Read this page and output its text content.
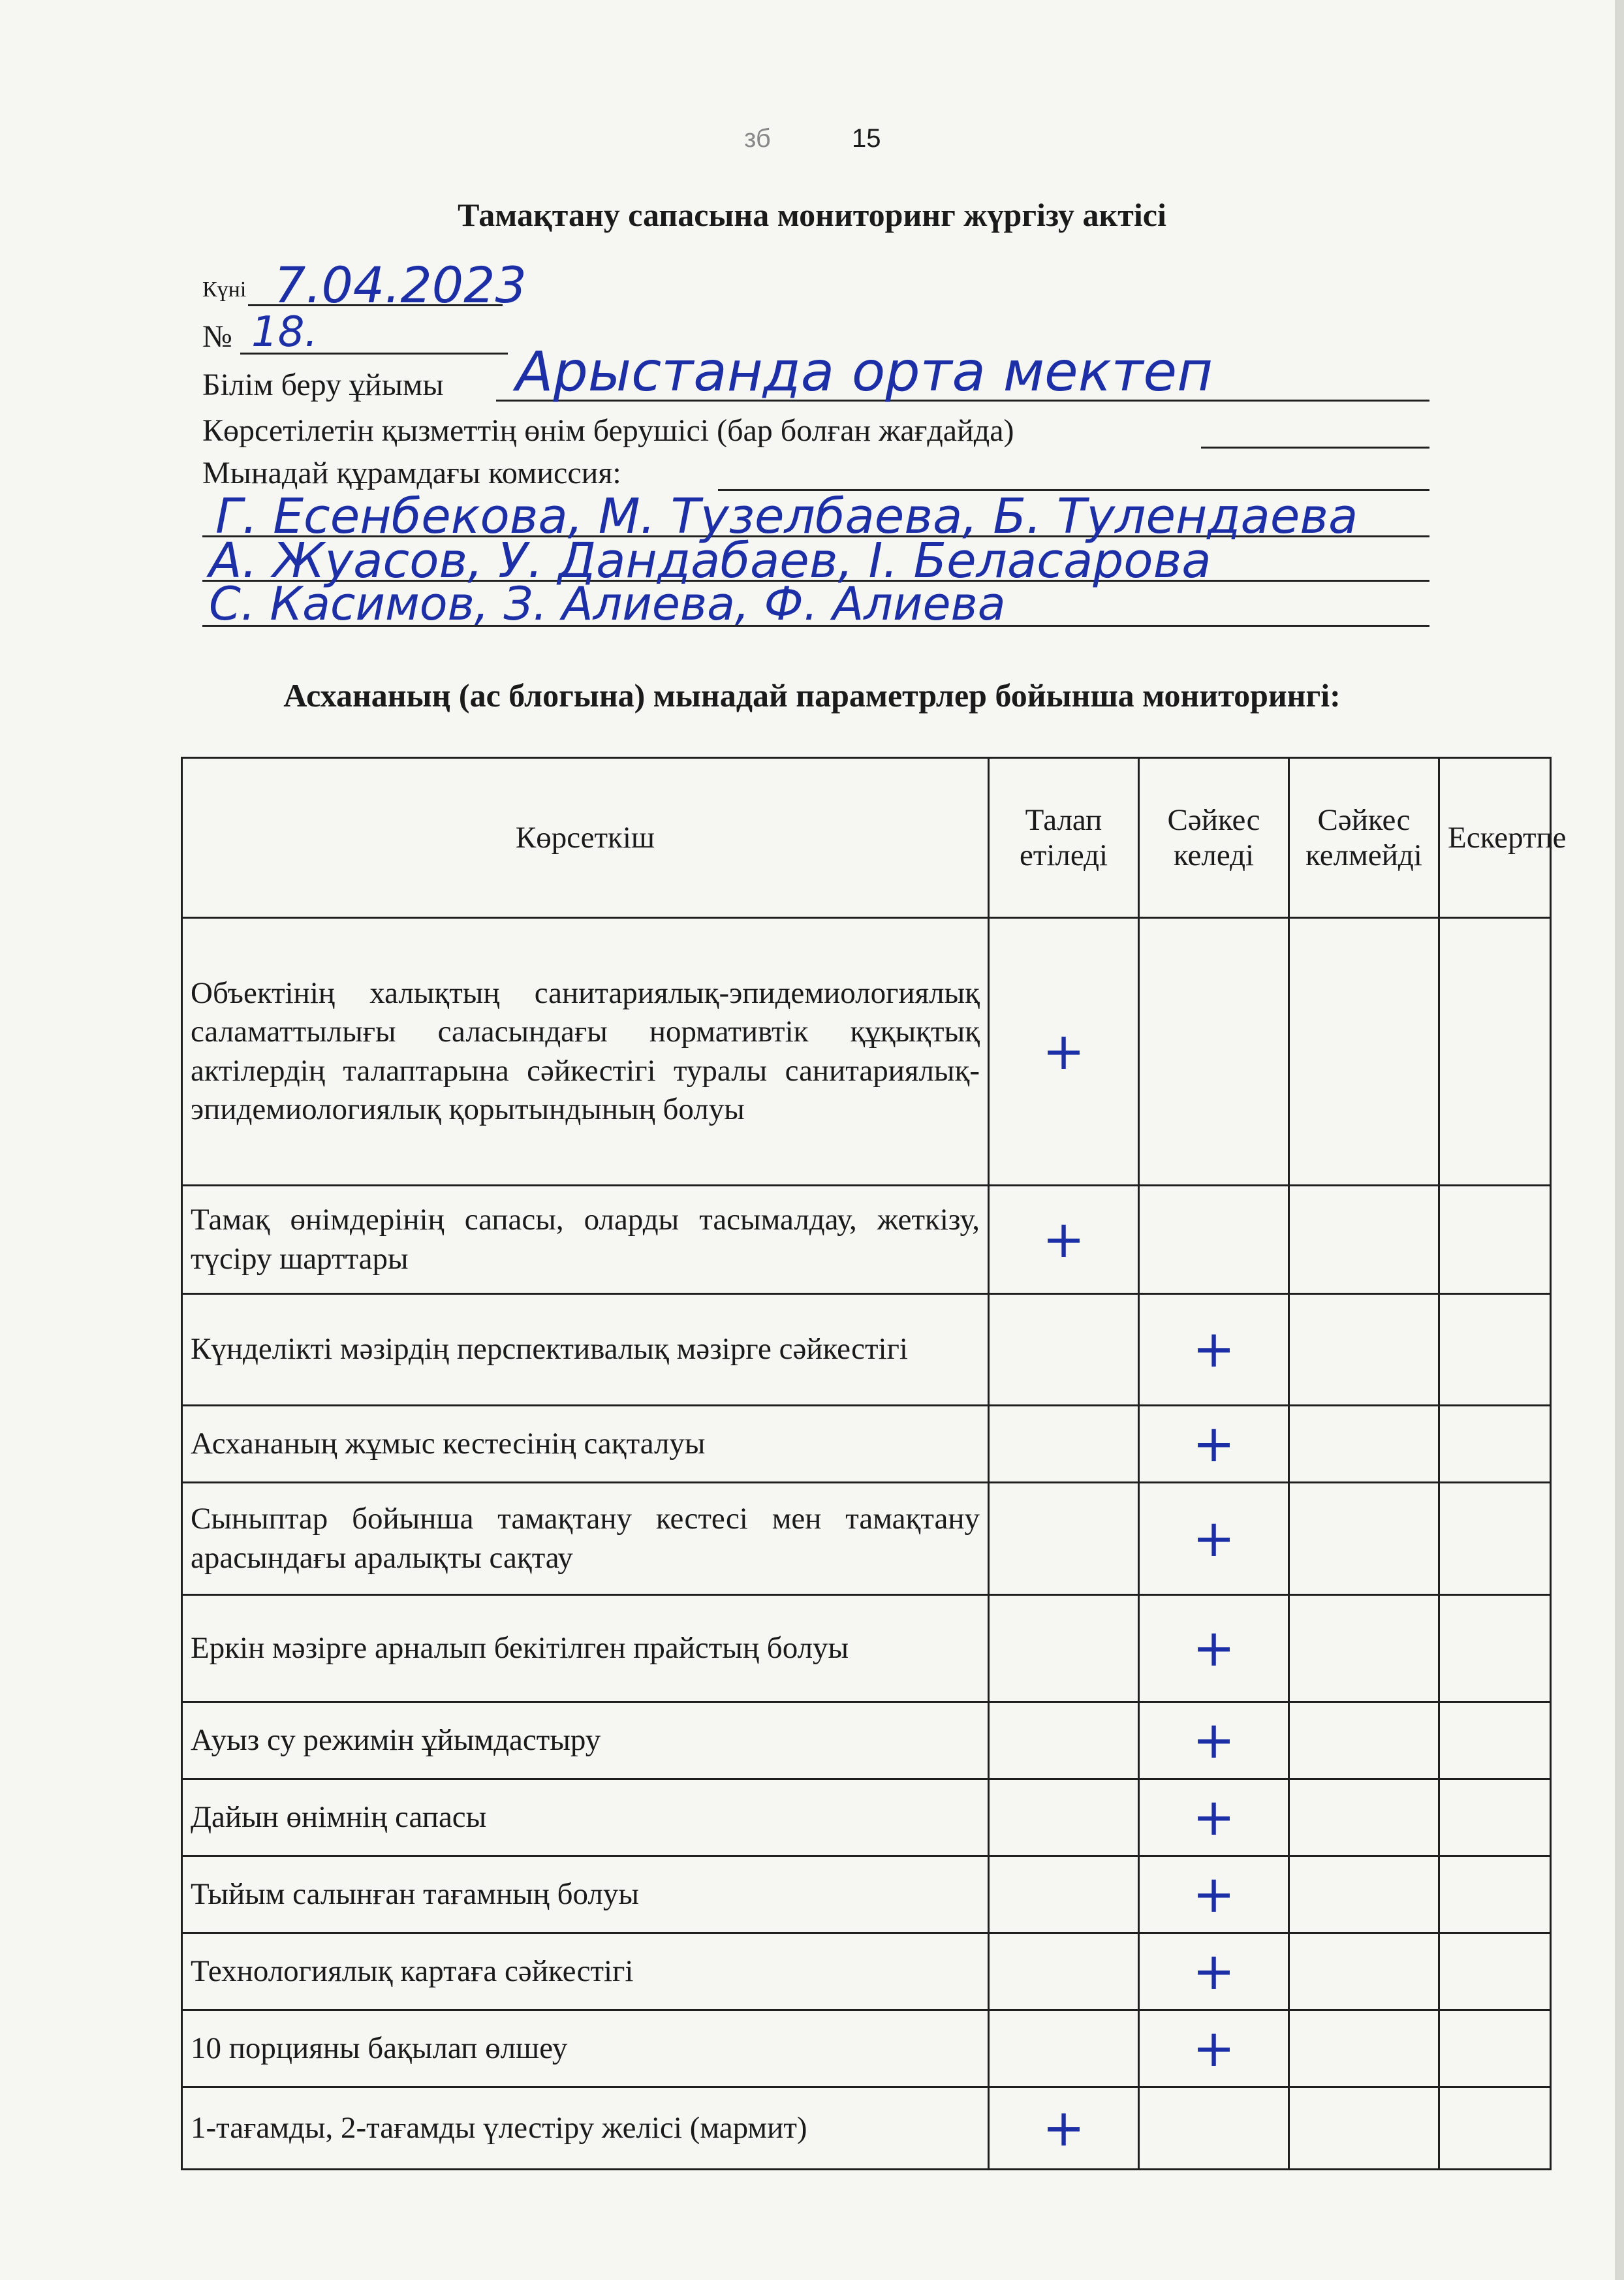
зб	15
Тамақтану сапасына мониторинг жүргізу актісі
Күні 7.04.2023
№ 18.
Білім беру ұйымы Арыстанда орта мектеп
Көрсетілетін қызметтің өнім берушісі (бар болған жағдайда)
Мынадай құрамдағы комиссия:
Г. Есенбекова, М. Тузелбаева, Б. Тулендаева
А. Жуасов, У. Дандабаев, І. Беласарова
С. Касимов, З. Алиева, Ф. Алиева
Асхананың (ас блогына) мынадай параметрлер бойынша мониторингі:
Көрсеткіш	Талап етіледі	Сәйкес келеді	Сәйкес келмейді	Ескертпе
Объектінің халықтың санитариялық-эпидемиологиялық саламаттылығы саласындағы нормативтік құқықтық актілердің талаптарына сәйкестігі туралы санитариялық-эпидемиологиялық қорытындының болуы	+			

Тамақ өнімдерінің сапасы, оларды тасымалдау, жеткізу, түсіру шарттары	+			

Күнделікті мәзірдің перспективалық мәзірге сәйкестігі		+		

Асхананың жұмыс кестесінің сақталуы		+		

Сыныптар бойынша тамақтану кестесі мен тамақтану арасындағы аралықты сақтау		+		

Еркін мәзірге арналып бекітілген прайстың болуы		+		

Ауыз су режимін ұйымдастыру		+		

Дайын өнімнің сапасы		+		

Тыйым салынған тағамның болуы		+		

Технологиялық картаға сәйкестігі		+		

10 порцияны бақылап өлшеу		+		

1-тағамды, 2-тағамды үлестіру желісі (мармит)	+			
